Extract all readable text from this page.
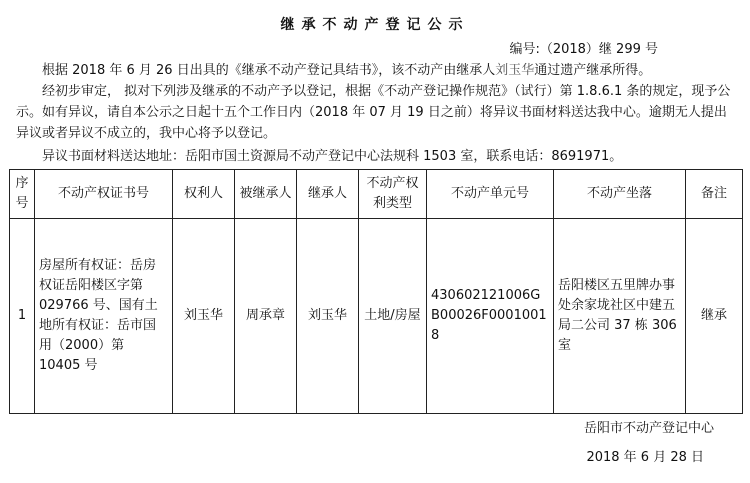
继承不动产登记公示
编号:（2018）继 299 号

根据 2018 年 6 月 26 日出具的《继承不动产登记具结书》，该不动产由继承人刘玉华通过遗产继承所得。

经初步审定， 拟对下列涉及继承的不动产予以登记，根据《不动产登记操作规范》（试行）第 1.8.6.1 条的规定，现予公示。如有异议，请自本公示之日起十五个工作日内（2018 年 07 月 19 日之前）将异议书面材料送达我中心。逾期无人提出异议或者异议不成立的，我中心将予以登记。

异议书面材料送达地址：岳阳市国土资源局不动产登记中心法规科 1503 室，联系电话：8691971。

序号	不动产权证书号	权利人	被继承人	继承人	不动产权利类型	不动产单元号	不动产坐落	备注
1	房屋所有权证：岳房权证岳阳楼区字第 029766 号、国有土地所有权证：岳市国用（2000）第 10405 号	刘玉华	周承章	刘玉华	土地/房屋	430602121006GB00026F00010018	岳阳楼区五里牌办事处余家垅社区中建五局二公司 37 栋 306 室	继承
岳阳市不动产登记中心
2018 年 6 月 28 日
